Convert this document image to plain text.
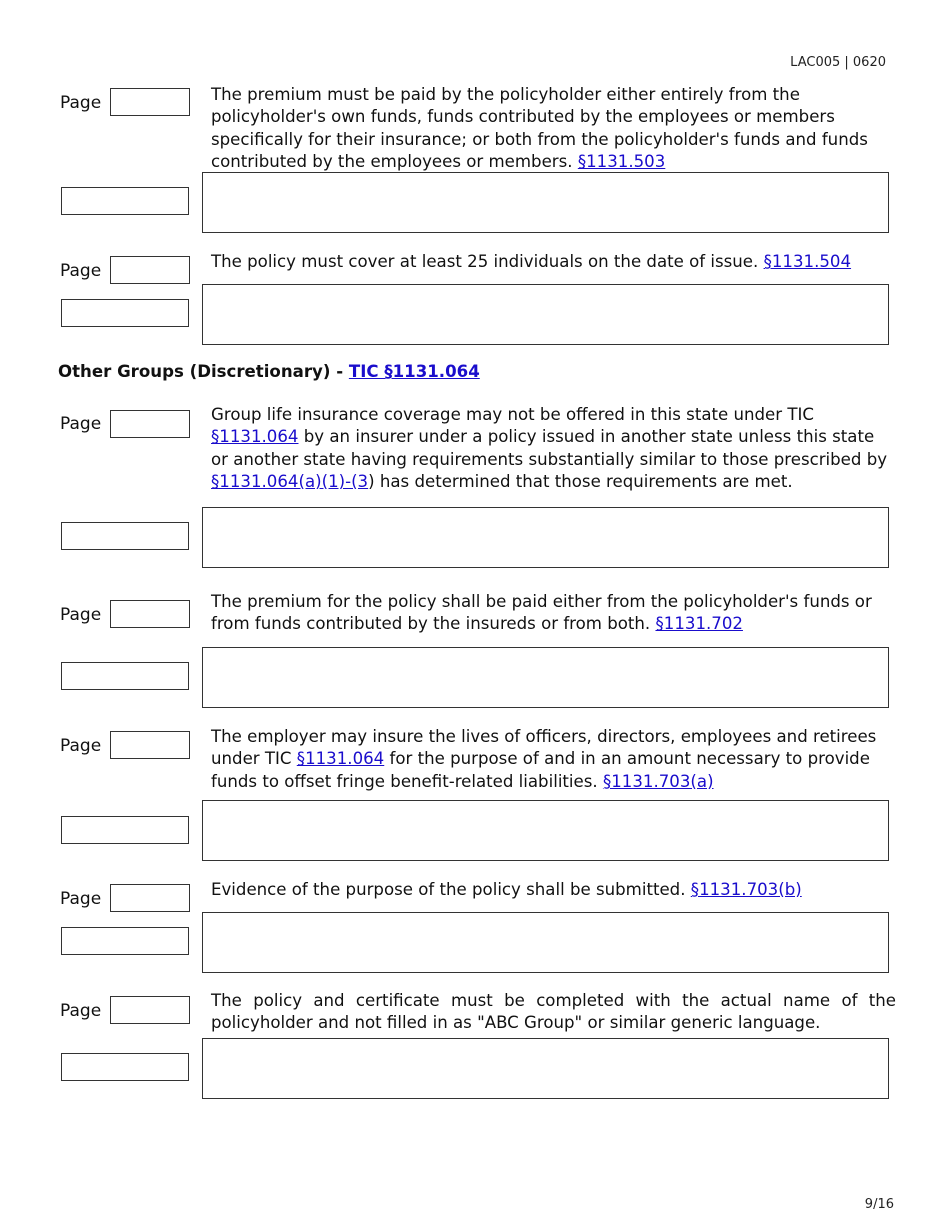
LAC005 | 0620
Page	The premium must be paid by the policyholder either entirely from the policyholder's own funds, funds contributed by the employees or members specifically for their insurance; or both from the policyholder's funds and funds contributed by the employees or members. §1131.503
Page	The policy must cover at least 25 individuals on the date of issue. §1131.504
Other Groups (Discretionary) - TIC §1131.064
Page	Group life insurance coverage may not be offered in this state under TIC §1131.064 by an insurer under a policy issued in another state unless this state or another state having requirements substantially similar to those prescribed by §1131.064(a)(1)-(3) has determined that those requirements are met.
Page
The premium for the policy shall be paid either from the policyholder's funds or from funds contributed by the insureds or from both. §1131.702
Page	The employer may insure the lives of officers, directors, employees and retirees under TIC §1131.064 for the purpose of and in an amount necessary to provide funds to offset fringe benefit-related liabilities. §1131.703(a)
Page	Evidence of the purpose of the policy shall be submitted. §1131.703(b)
Page
The policy and certificate must be completed with the actual name of the policyholder and not filled in as "ABC Group" or similar generic language.
9/16
